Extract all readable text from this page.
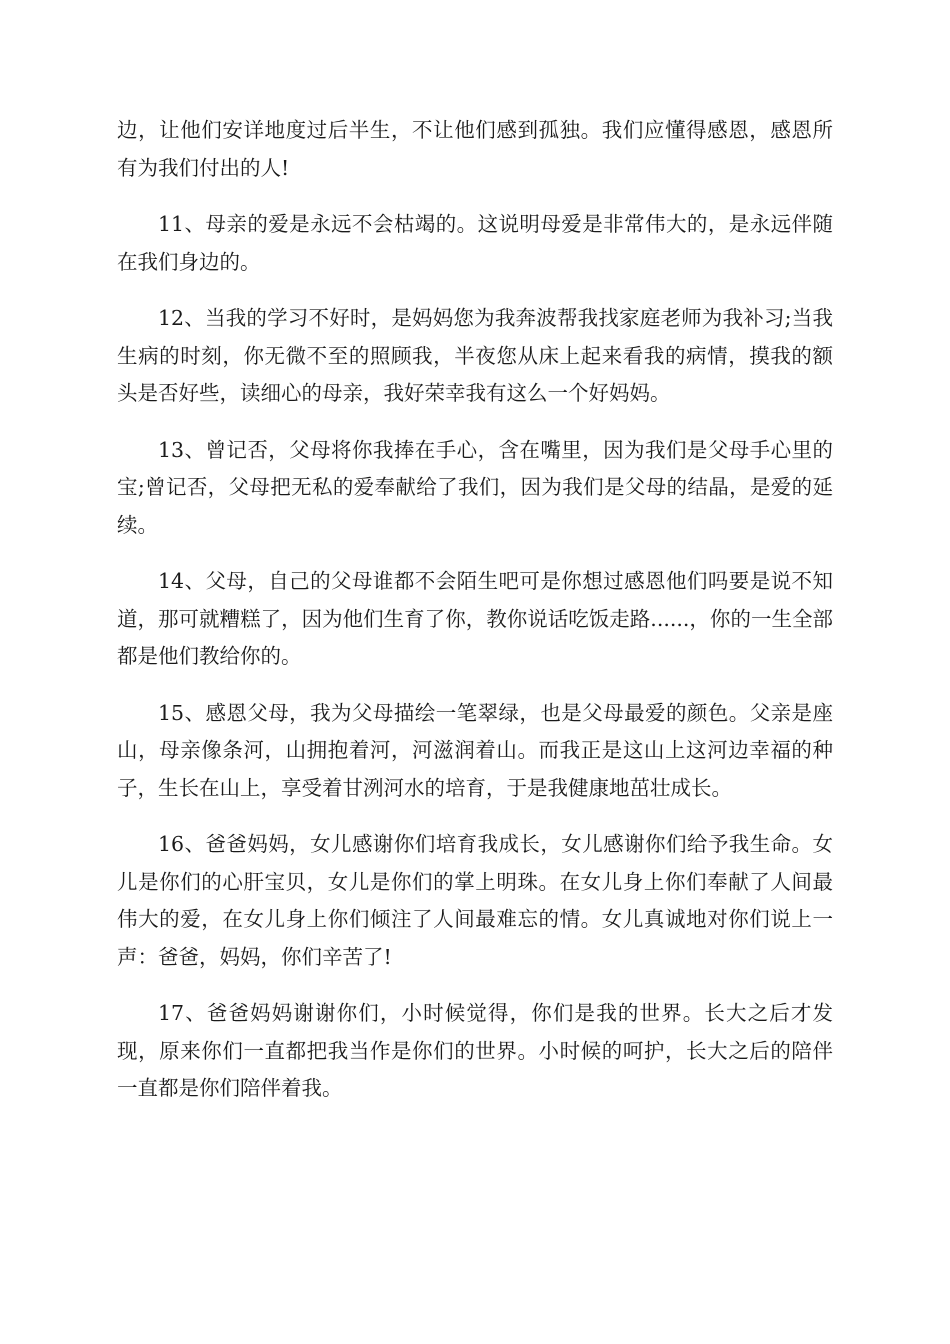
边，让他们安详地度过后半生，不让他们感到孤独。我们应懂得感恩，感恩所有为我们付出的人!

11、母亲的爱是永远不会枯竭的。这说明母爱是非常伟大的，是永远伴随在我们身边的。

12、当我的学习不好时，是妈妈您为我奔波帮我找家庭老师为我补习;当我生病的时刻，你无微不至的照顾我，半夜您从床上起来看我的病情，摸我的额头是否好些，读细心的母亲，我好荣幸我有这么一个好妈妈。

13、曾记否，父母将你我捧在手心，含在嘴里，因为我们是父母手心里的宝;曾记否，父母把无私的爱奉献给了我们，因为我们是父母的结晶，是爱的延续。

14、父母，自己的父母谁都不会陌生吧可是你想过感恩他们吗要是说不知道，那可就糟糕了，因为他们生育了你，教你说话吃饭走路......，你的一生全部都是他们教给你的。

15、感恩父母，我为父母描绘一笔翠绿，也是父母最爱的颜色。父亲是座山，母亲像条河，山拥抱着河，河滋润着山。而我正是这山上这河边幸福的种子，生长在山上，享受着甘洌河水的培育，于是我健康地茁壮成长。

16、爸爸妈妈，女儿感谢你们培育我成长，女儿感谢你们给予我生命。女儿是你们的心肝宝贝，女儿是你们的掌上明珠。在女儿身上你们奉献了人间最伟大的爱，在女儿身上你们倾注了人间最难忘的情。女儿真诚地对你们说上一声：爸爸，妈妈，你们辛苦了!

17、爸爸妈妈谢谢你们，小时候觉得，你们是我的世界。长大之后才发现，原来你们一直都把我当作是你们的世界。小时候的呵护，长大之后的陪伴一直都是你们陪伴着我。
